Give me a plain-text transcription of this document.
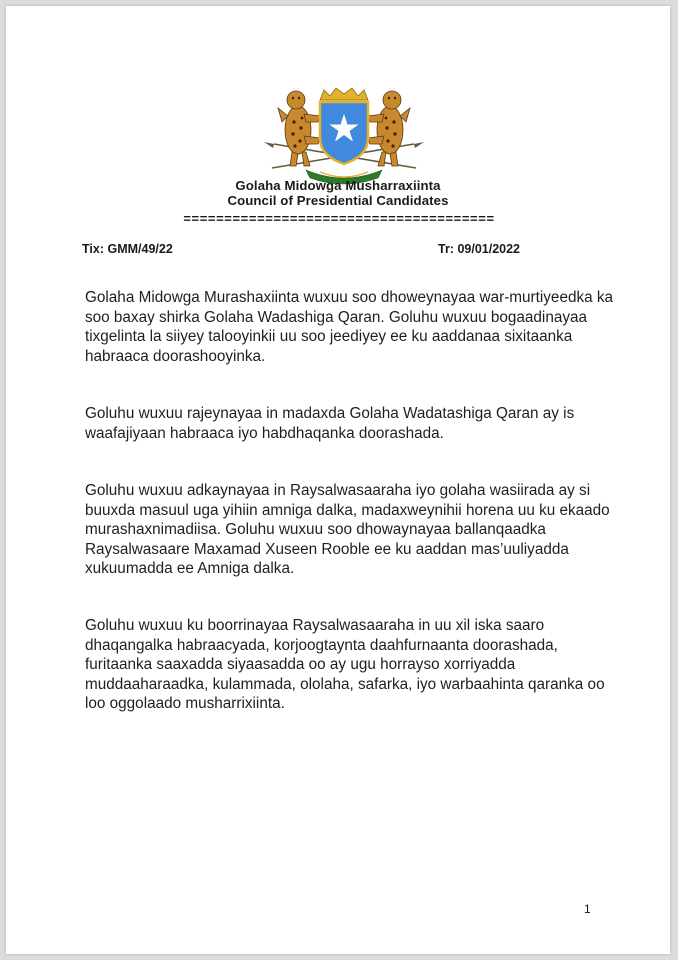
Golaha Midowga Musharraxiinta
Council of Presidential Candidates
======================================
Tix: GMM/49/22	Tr: 09/01/2022

Golaha Midowga Murashaxiinta wuxuu soo dhoweynayaa war-murtiyeedka ka soo baxay shirka Golaha Wadashiga Qaran. Goluhu wuxuu bogaadinayaa tixgelinta la siiyey talooyinkii uu soo jeediyey ee ku aaddanaa sixitaanka habraaca doorashooyinka.

Goluhu wuxuu rajeynayaa in madaxda Golaha Wadatashiga Qaran ay is waafajiyaan habraaca iyo habdhaqanka doorashada.

Goluhu wuxuu adkaynayaa in Raysalwasaaraha iyo golaha wasiirada ay si buuxda masuul uga yihiin amniga dalka, madaxweynihii horena uu ku ekaado murashaxnimadiisa. Goluhu wuxuu soo dhowaynayaa ballanqaadka Raysalwasaare Maxamad Xuseen Rooble ee ku aaddan mas’uuliyadda xukuumadda ee Amniga dalka.

Goluhu wuxuu ku boorrinayaa Raysalwasaaraha in uu xil iska saaro dhaqangalka habraacyada, korjoogtaynta daahfurnaanta doorashada, furitaanka saaxadda siyaasadda oo ay ugu horrayso xorriyadda muddaaharaadka, kulammada, ololaha, safarka, iyo warbaahinta qaranka oo loo oggolaado musharrixiinta.

1
